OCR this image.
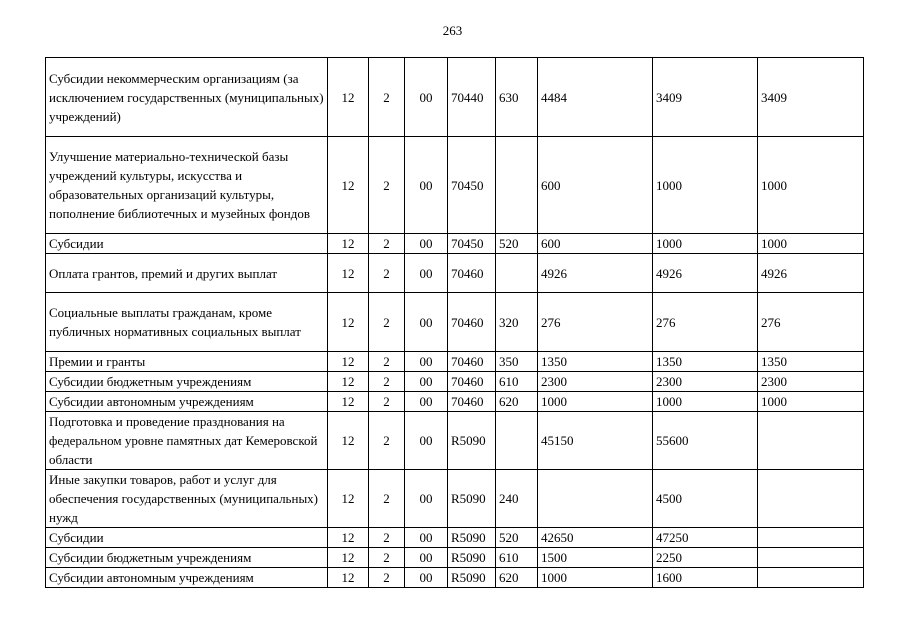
263
Субсидии некоммерческим организациям (за исключением государственных (муниципальных) учреждений)	12	2	00	70440	630	4484	3409	3409
Улучшение материально-технической базы учреждений культуры, искусства и образовательных организаций культуры, пополнение библиотечных и музейных фондов	12	2	00	70450		600	1000	1000
Субсидии	12	2	00	70450	520	600	1000	1000
Оплата грантов, премий и других выплат	12	2	00	70460		4926	4926	4926
Социальные выплаты гражданам, кроме публичных нормативных социальных выплат	12	2	00	70460	320	276	276	276
Премии и гранты	12	2	00	70460	350	1350	1350	1350
Субсидии бюджетным учреждениям	12	2	00	70460	610	2300	2300	2300
Субсидии автономным учреждениям	12	2	00	70460	620	1000	1000	1000
Подготовка и проведение празднования на федеральном уровне памятных дат Кемеровской области	12	2	00	R5090		45150	55600	
Иные закупки товаров, работ и услуг для обеспечения государственных (муниципальных) нужд	12	2	00	R5090	240		4500	
Субсидии	12	2	00	R5090	520	42650	47250	
Субсидии бюджетным учреждениям	12	2	00	R5090	610	1500	2250	
Субсидии автономным учреждениям	12	2	00	R5090	620	1000	1600	
